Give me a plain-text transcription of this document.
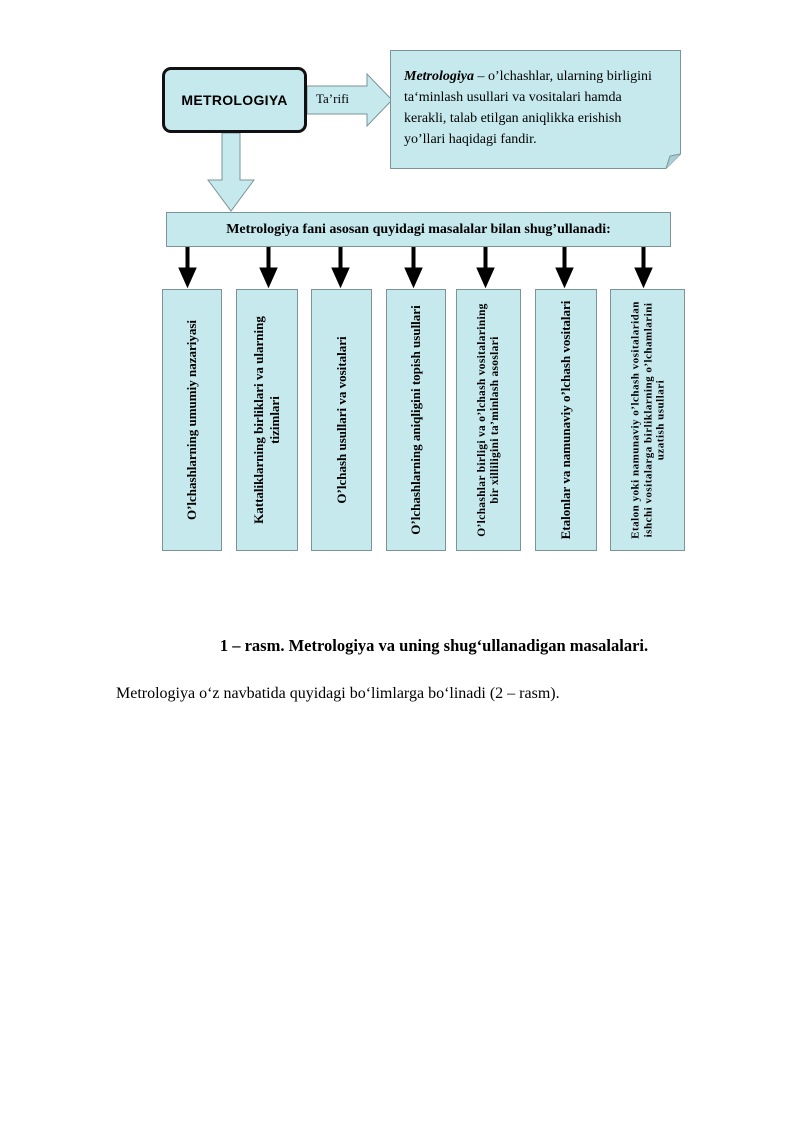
METROLOGIYA Ta’rifi
Metrologiya – o’lchashlar, ularning birligini ta‘minlash usullari va vositalari hamda kerakli, talab etilgan aniqlikka erishish yo’llari haqidagi fandir.
Metrologiya fani asosan quyidagi masalalar bilan shug’ullanadi:
O’lchashlarning umumiy nazariyasi	Kattaliklarning birliklari va ularning tizimlari	O’lchash usullari va vositalari	O’lchashlarning aniqligini topish usullari	O’lchashlar birligi va o’lchash vositalarining bir xilliligini ta’minlash asoslari	Etalonlar va namunaviy o’lchash vositalari	Etalon yoki namunaviy o’lchash vositalaridan ishchi vositalarga birliklarning o’lchamlarini uzatish usullari
1 – rasm. Metrologiya va uning shug‘ullanadigan masalalari.
Metrologiya o‘z navbatida quyidagi bo‘limlarga bo‘linadi (2 – rasm).
